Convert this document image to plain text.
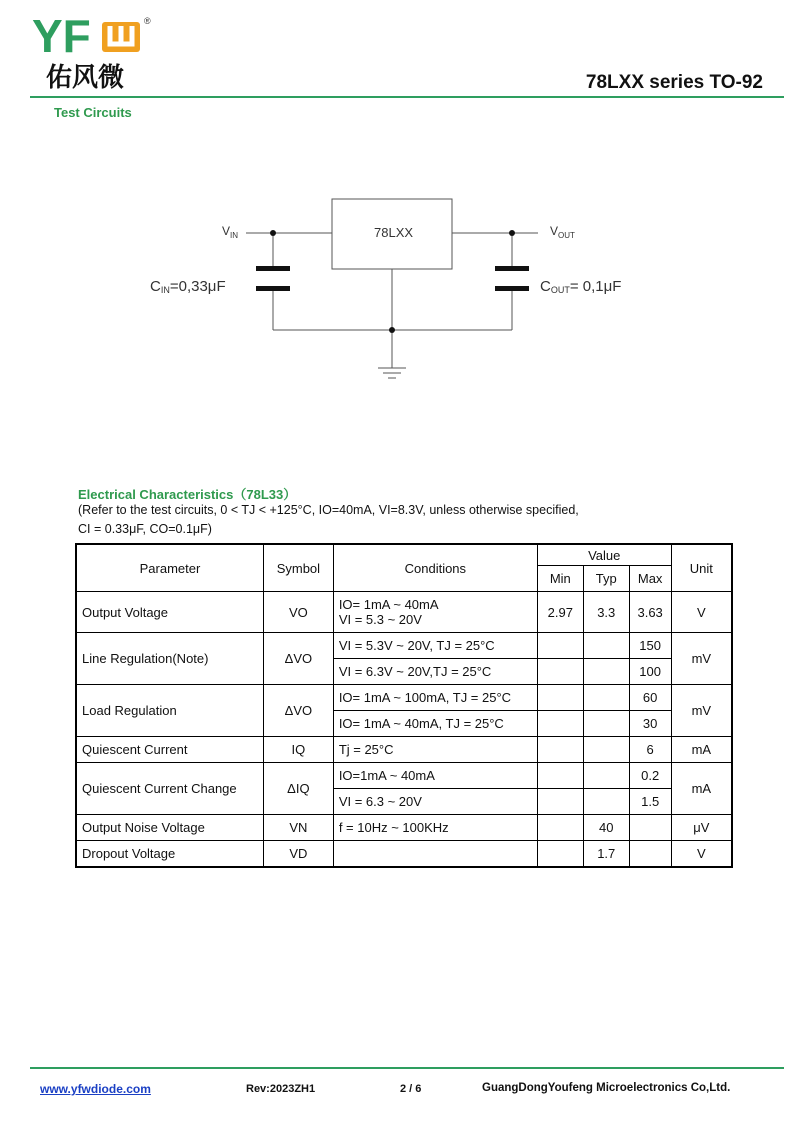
YF	®
佑风微	78LXX series TO-92
Test Circuits
78LXX
$V_{IN}$	$V_{OUT}$
CIN=0,33μF	COUT= 0,1μF
Electrical Characteristics（78L33）
(Refer to the test circuits, 0 < TJ < +125°C, IO=40mA, VI=8.3V, unless otherwise specified,
CI = 0.33μF, CO=0.1μF)
Parameter	Symbol	Conditions	Value			Unit
			Min	Typ	Max	
Output Voltage	VO	IO= 1mA ~ 40mA
VI = 5.3 ~ 20V	2.97	3.3	3.63	V
Line Regulation(Note)	ΔVO	VI = 5.3V ~ 20V, TJ = 25°C			150	mV
		VI = 6.3V ~ 20V,TJ = 25°C			100	
Load Regulation	ΔVO	IO= 1mA ~ 100mA, TJ = 25°C			60	mV
		IO= 1mA ~ 40mA, TJ = 25°C			30	
Quiescent Current	IQ	Tj = 25°C			6	mA
Quiescent Current Change	ΔIQ	IO=1mA ~ 40mA			0.2	mA
		VI = 6.3 ~ 20V			1.5	
Output Noise Voltage	VN	f = 10Hz ~ 100KHz		40		μV
Dropout Voltage	VD			1.7		V
www.yfwdiode.com	Rev:2023ZH1	2 / 6	GuangDongYoufeng Microelectronics Co,Ltd.
